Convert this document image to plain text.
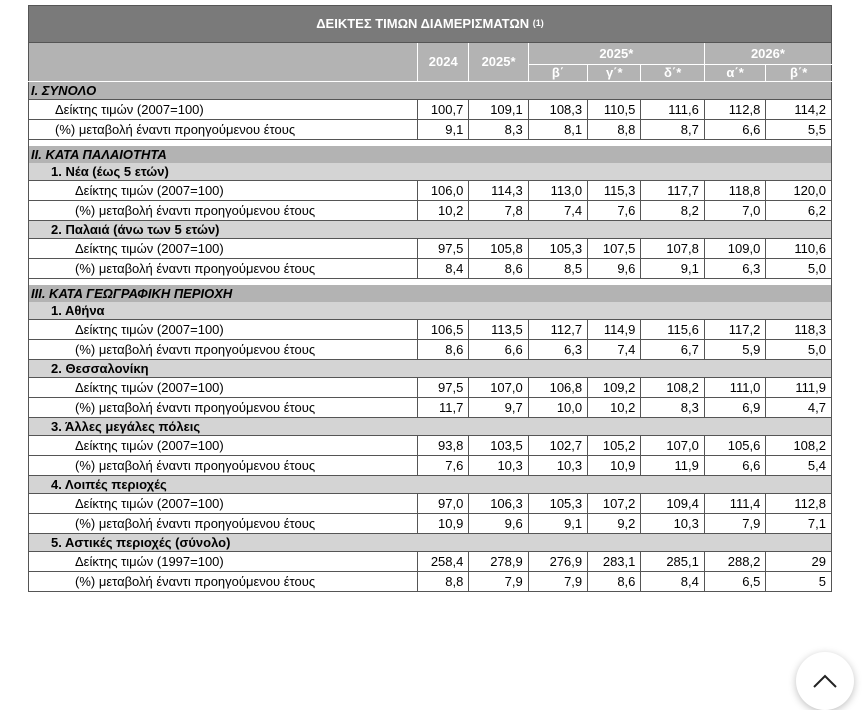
ΔΕΙΚΤΕΣ ΤΙΜΩΝ ΔΙΑΜΕΡΙΣΜΑΤΩΝ $^{(1)}$
	2024	2025*	2025*			2026*	
			β΄	γ΄*	δ΄*	α΄*	β΄*
I. ΣΥΝΟΛΟ							
Δείκτης τιμών (2007=100)	100,7	109,1	108,3	110,5	111,6	112,8	114,2
(%) μεταβολή έναντι προηγούμενου έτους	9,1	8,3	8,1	8,8	8,7	6,6	5,5

II. ΚΑΤΑ ΠΑΛΑΙΟΤΗΤΑ							
1. Νέα (έως 5 ετών)							
Δείκτης τιμών (2007=100)	106,0	114,3	113,0	115,3	117,7	118,8	120,0
(%) μεταβολή έναντι προηγούμενου έτους	10,2	7,8	7,4	7,6	8,2	7,0	6,2
2. Παλαιά (άνω των 5 ετών)							
Δείκτης τιμών (2007=100)	97,5	105,8	105,3	107,5	107,8	109,0	110,6
(%) μεταβολή έναντι προηγούμενου έτους	8,4	8,6	8,5	9,6	9,1	6,3	5,0

III. ΚΑΤΑ ΓΕΩΓΡΑΦΙΚΗ ΠΕΡΙΟΧΗ							
1. Αθήνα							
Δείκτης τιμών (2007=100)	106,5	113,5	112,7	114,9	115,6	117,2	118,3
(%) μεταβολή έναντι προηγούμενου έτους	8,6	6,6	6,3	7,4	6,7	5,9	5,0
2. Θεσσαλονίκη							
Δείκτης τιμών (2007=100)	97,5	107,0	106,8	109,2	108,2	111,0	111,9
(%) μεταβολή έναντι προηγούμενου έτους	11,7	9,7	10,0	10,2	8,3	6,9	4,7
3. Άλλες μεγάλες πόλεις							
Δείκτης τιμών (2007=100)	93,8	103,5	102,7	105,2	107,0	105,6	108,2
(%) μεταβολή έναντι προηγούμενου έτους	7,6	10,3	10,3	10,9	11,9	6,6	5,4
4. Λοιπές περιοχές							
Δείκτης τιμών (2007=100)	97,0	106,3	105,3	107,2	109,4	111,4	112,8
(%) μεταβολή έναντι προηγούμενου έτους	10,9	9,6	9,1	9,2	10,3	7,9	7,1
5. Αστικές περιοχές (σύνολο)							
Δείκτης τιμών (1997=100)	258,4	278,9	276,9	283,1	285,1	288,2	29
(%) μεταβολή έναντι προηγούμενου έτους	8,8	7,9	7,9	8,6	8,4	6,5	5
